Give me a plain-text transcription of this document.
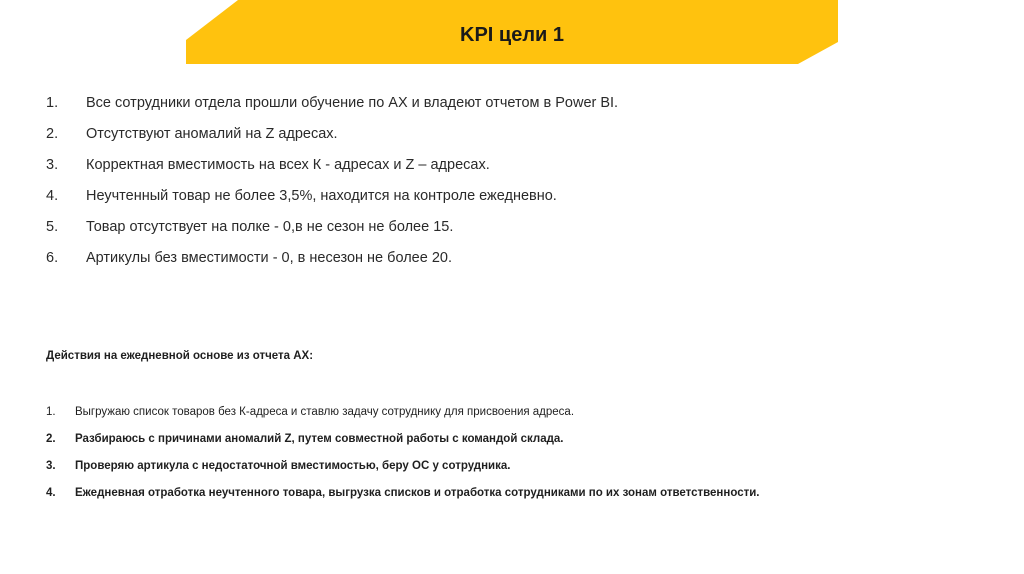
KPI цели 1
1.	Все сотрудники отдела прошли обучение по АХ и владеют отчетом в Power BI.
2.	Отсутствуют аномалий на Z адресах.
3.	Корректная вместимость на всех К - адресах и Z – адресах.
4.	Неучтенный товар не более 3,5%, находится на контроле ежедневно.
5.	Товар отсутствует на полке - 0,в не сезон не более 15.
6.	Артикулы без вместимости - 0, в несезон не более 20.
Действия на ежедневной основе из отчета АХ:
1.	Выгружаю список товаров без К-адреса и ставлю задачу сотруднику для присвоения адреса.
2.	Разбираюсь с причинами аномалий Z, путем совместной работы с командой склада.
3.	Проверяю артикула с недостаточной вместимостью, беру ОС у сотрудника.
4.	Ежедневная отработка неучтенного товара, выгрузка списков и отработка сотрудниками по их зонам ответственности.
